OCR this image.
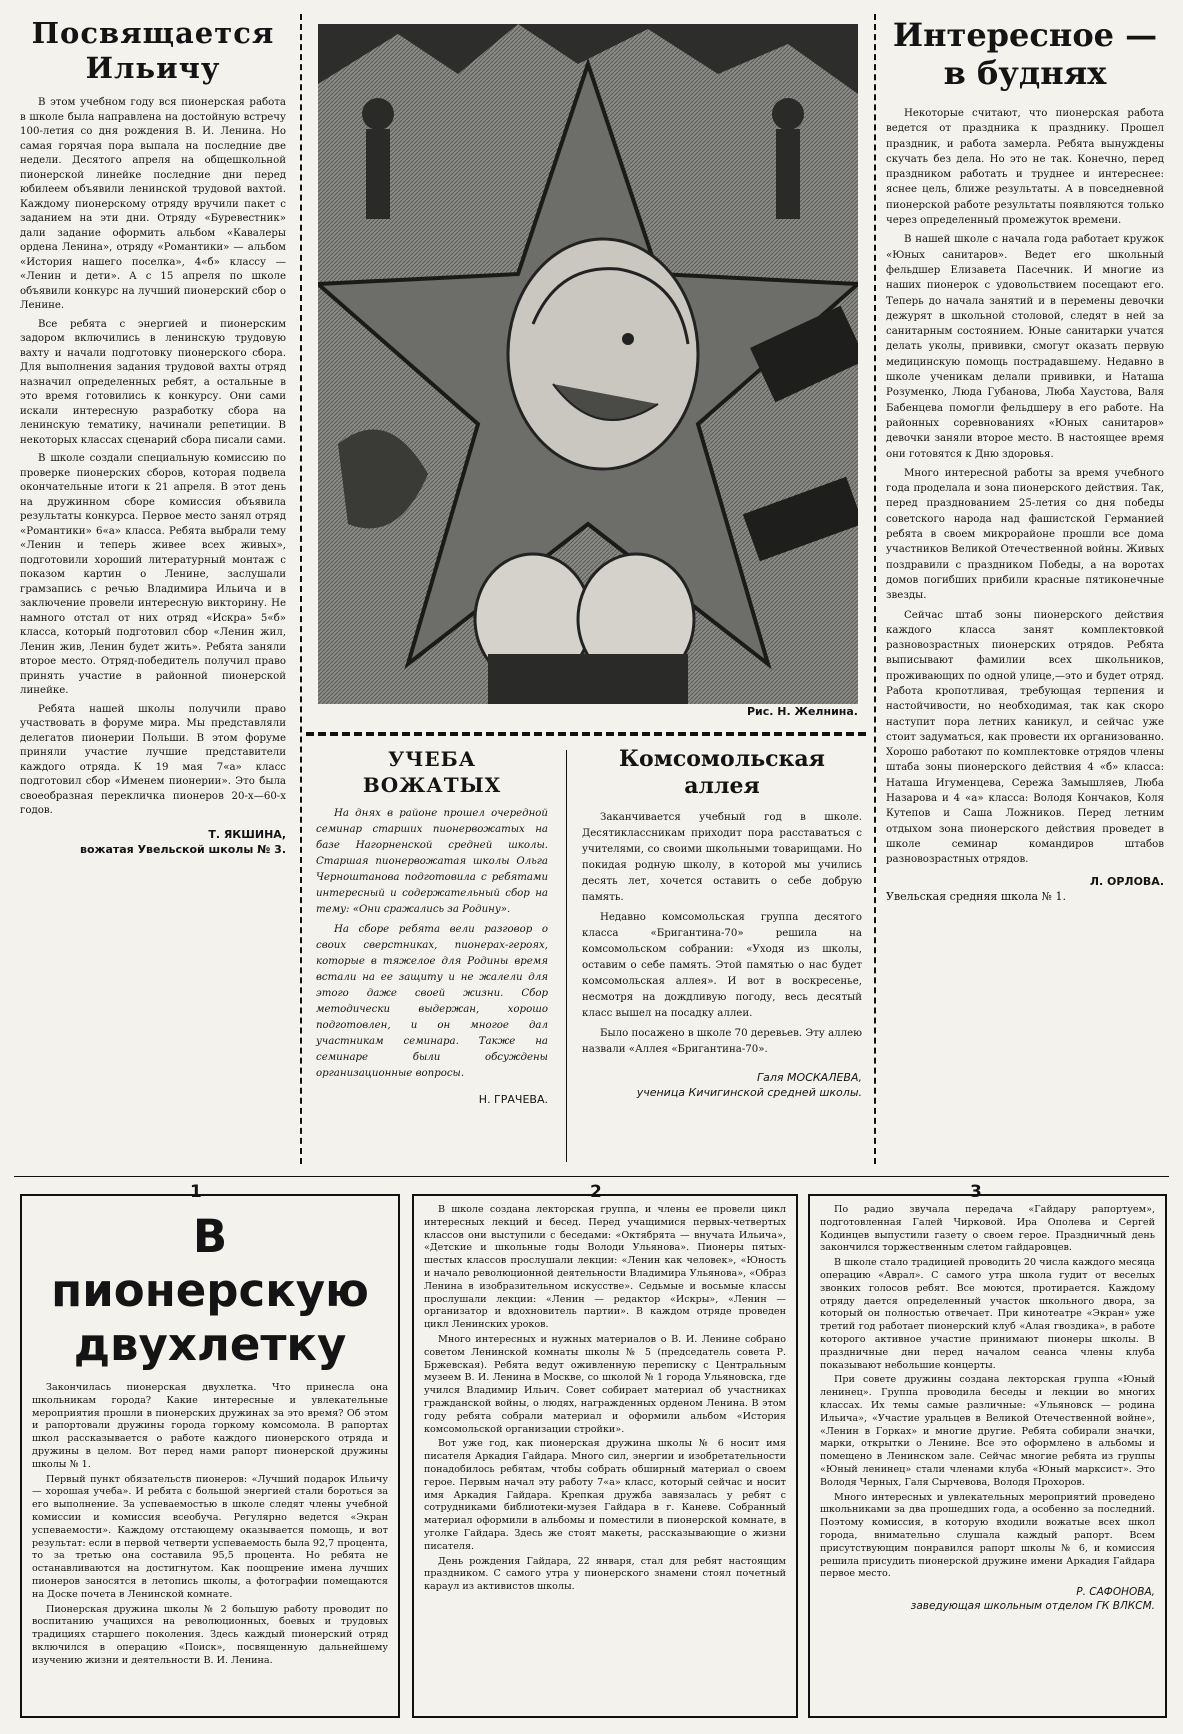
Посвящается Ильичу

В этом учебном году вся пионерская работа в школе была направлена на достойную встречу 100-летия со дня рождения В. И. Ленина. Но самая горячая пора выпала на последние две недели. Десятого апреля на общешкольной пионерской линейке последние дни перед юбилеем объявили ленинской трудовой вахтой. Каждому пионерскому отряду вручили пакет с заданием на эти дни. Отряду «Буревестник» дали задание оформить альбом «Кавалеры ордена Ленина», отряду «Романтики» — альбом «История нашего поселка», 4«б» классу — «Ленин и дети». А с 15 апреля по школе объявили конкурс на лучший пионерский сбор о Ленине.

Все ребята с энергией и пионерским задором включились в ленинскую трудовую вахту и начали подготовку пионерского сбора. Для выполнения задания трудовой вахты отряд назначил определенных ребят, а остальные в это время готовились к конкурсу. Они сами искали интересную разработку сбора на ленинскую тематику, начинали репетиции. В некоторых классах сценарий сбора писали сами.

В школе создали специальную комиссию по проверке пионерских сборов, которая подвела окончательные итоги к 21 апреля. В этот день на дружинном сборе комиссия объявила результаты конкурса. Первое место занял отряд «Романтики» 6«а» класса. Ребята выбрали тему «Ленин и теперь живее всех живых», подготовили хороший литературный монтаж с показом картин о Ленине, заслушали грамзапись с речью Владимира Ильича и в заключение провели интересную викторину. Не намного отстал от них отряд «Искра» 5«б» класса, который подготовил сбор «Ленин жил, Ленин жив, Ленин будет жить». Ребята заняли второе место. Отряд-победитель получил право принять участие в районной пионерской линейке.

Ребята нашей школы получили право участвовать в форуме мира. Мы представляли делегатов пионерии Польши. В этом форуме приняли участие лучшие представители каждого отряда. К 19 мая 7«а» класс подготовил сбор «Именем пионерии». Это была своеобразная перекличка пионеров 20-х—60-х годов.

Т. ЯКШИНА,
вожатая Увельской школы № 3.
Рис. Н. Желнина.
УЧЕБА ВОЖАТЫХ

На днях в районе прошел очередной семинар старших пионервожатых на базе Нагорненской средней школы. Старшая пионервожатая школы Ольга Черноштанова подготовила с ребятами интересный и содержательный сбор на тему: «Они сражались за Родину».

На сборе ребята вели разговор о своих сверстниках, пионерах-героях, которые в тяжелое для Родины время встали на ее защиту и не жалели для этого даже своей жизни. Сбор методически выдержан, хорошо подготовлен, и он многое дал участникам семинара. Также на семинаре были обсуждены организационные вопросы.

Н. ГРАЧЕВА.
Комсомольская аллея

Заканчивается учебный год в школе. Десятиклассникам приходит пора расставаться с учителями, со своими школьными товарищами. Но покидая родную школу, в которой мы учились десять лет, хочется оставить о себе добрую память.

Недавно комсомольская группа десятого класса «Бригантина-70» решила на комсомольском собрании: «Уходя из школы, оставим о себе память. Этой памятью о нас будет комсомольская аллея». И вот в воскресенье, несмотря на дождливую погоду, весь десятый класс вышел на посадку аллеи.

Было посажено в школе 70 деревьев. Эту аллею назвали «Аллея «Бригантина-70».

Галя МОСКАЛЕВА,
ученица Кичигинской средней школы.
Интересное — в буднях

Некоторые считают, что пионерская работа ведется от праздника к празднику. Прошел праздник, и работа замерла. Ребята вынуждены скучать без дела. Но это не так. Конечно, перед праздником работать и труднее и интереснее: яснее цель, ближе результаты. А в повседневной пионерской работе результаты появляются только через определенный промежуток времени.

В нашей школе с начала года работает кружок «Юных санитаров». Ведет его школьный фельдшер Елизавета Пасечник. И многие из наших пионерок с удовольствием посещают его. Теперь до начала занятий и в перемены девочки дежурят в школьной столовой, следят в ней за санитарным состоянием. Юные санитарки учатся делать уколы, прививки, смогут оказать первую медицинскую помощь пострадавшему. Недавно в школе ученикам делали прививки, и Наташа Розуменко, Люда Губанова, Люба Хаустова, Валя Бабенцева помогли фельдшеру в его работе. На районных соревнованиях «Юных санитаров» девочки заняли второе место. В настоящее время они готовятся к Дню здоровья.

Много интересной работы за время учебного года проделала и зона пионерского действия. Так, перед празднованием 25-летия со дня победы советского народа над фашистской Германией ребята в своем микрорайоне прошли все дома участников Великой Отечественной войны. Живых поздравили с праздником Победы, а на воротах домов погибших прибили красные пятиконечные звезды.

Сейчас штаб зоны пионерского действия каждого класса занят комплектовкой разновозрастных пионерских отрядов. Ребята выписывают фамилии всех школьников, проживающих по одной улице,—это и будет отряд. Работа кропотливая, требующая терпения и настойчивости, но необходимая, так как скоро наступит пора летних каникул, и сейчас уже стоит задуматься, как провести их организованно. Хорошо работают по комплектовке отрядов члены штаба зоны пионерского действия 4 «б» класса: Наташа Игуменцева, Сережа Замышляев, Люба Назарова и 4 «а» класса: Володя Кончаков, Коля Кутепов и Саша Ложников. Перед летним отдыхом зона пионерского действия проведет в школе семинар командиров штабов разновозрастных отрядов.

Л. ОРЛОВА.
Увельская средняя школа № 1.
1	2	3
В пионерскую двухлетку

Закончилась пионерская двухлетка. Что принесла она школьникам города? Какие интересные и увлекательные мероприятия прошли в пионерских дружинах за это время? Об этом и рапортовали дружины города горкому комсомола. В рапортах школ рассказывается о работе каждого пионерского отряда и дружины в целом. Вот перед нами рапорт пионерской дружины школы № 1.

Первый пункт обязательств пионеров: «Лучший подарок Ильичу — хорошая учеба». И ребята с большой энергией стали бороться за его выполнение. За успеваемостью в школе следят члены учебной комиссии и комиссия всеобуча. Регулярно ведется «Экран успеваемости». Каждому отстающему оказывается помощь, и вот результат: если в первой четверти успеваемость была 92,7 процента, то за третью она составила 95,5 процента. Но ребята не останавливаются на достигнутом. Как поощрение имена лучших пионеров заносятся в летопись школы, а фотографии помещаются на Доске почета в Ленинской комнате.

Пионерская дружина школы № 2 большую работу проводит по воспитанию учащихся на революционных, боевых и трудовых традициях старшего поколения. Здесь каждый пионерский отряд включился в операцию «Поиск», посвященную дальнейшему изучению жизни и деятельности В. И. Ленина.

В школе создана лекторская группа, и члены ее провели цикл интересных лекций и бесед. Перед учащимися первых-четвертых классов они выступили с беседами: «Октябрята — внучата Ильича», «Детские и школьные годы Володи Ульянова». Пионеры пятых-шестых классов прослушали лекции: «Ленин как человек», «Юность и начало революционной деятельности Владимира Ульянова», «Образ Ленина в изобразительном искусстве». Седьмые и восьмые классы прослушали лекции: «Ленин — редактор «Искры», «Ленин — организатор и вдохновитель партии». В каждом отряде проведен цикл Ленинских уроков.

Много интересных и нужных материалов о В. И. Ленине собрано советом Ленинской комнаты школы № 5 (председатель совета Р. Бржевская). Ребята ведут оживленную переписку с Центральным музеем В. И. Ленина в Москве, со школой № 1 города Ульяновска, где учился Владимир Ильич. Совет собирает материал об участниках гражданской войны, о людях, награжденных орденом Ленина. В этом году ребята собрали материал и оформили альбом «История комсомольской организации стройки».

Вот уже год, как пионерская дружина школы № 6 носит имя писателя Аркадия Гайдара. Много сил, энергии и изобретательности понадобилось ребятам, чтобы собрать обширный материал о своем герое. Первым начал эту работу 7«а» класс, который сейчас и носит имя Аркадия Гайдара. Крепкая дружба завязалась у ребят с сотрудниками библиотеки-музея Гайдара в г. Каневе. Собранный материал оформили в альбомы и поместили в пионерской комнате, в уголке Гайдара. Здесь же стоят макеты, рассказывающие о жизни писателя.

День рождения Гайдара, 22 января, стал для ребят настоящим праздником. С самого утра у пионерского знамени стоял почетный караул из активистов школы.

По радио звучала передача «Гайдару рапортуем», подготовленная Галей Чирковой. Ира Ополева и Сергей Кодинцев выпустили газету о своем герое. Праздничный день закончился торжественным слетом гайдаровцев.

В школе стало традицией проводить 20 числа каждого месяца операцию «Аврал». С самого утра школа гудит от веселых звонких голосов ребят. Все моются, протирается. Каждому отряду дается определенный участок школьного двора, за который он полностью отвечает. При кинотеатре «Экран» уже третий год работает пионерский клуб «Алая гвоздика», в работе которого активное участие принимают пионеры школы. В праздничные дни перед началом сеанса члены клуба показывают небольшие концерты.

При совете дружины создана лекторская группа «Юный ленинец». Группа проводила беседы и лекции во многих классах. Их темы самые различные: «Ульяновск — родина Ильича», «Участие уральцев в Великой Отечественной войне», «Ленин в Горках» и многие другие. Ребята собирали значки, марки, открытки о Ленине. Все это оформлено в альбомы и помещено в Ленинском зале. Сейчас многие ребята из группы «Юный ленинец» стали членами клуба «Юный марксист». Это Володя Черных, Галя Сырчевова, Володя Прохоров.

Много интересных и увлекательных мероприятий проведено школьниками за два прошедших года, а особенно за последний. Поэтому комиссия, в которую входили вожатые всех школ города, внимательно слушала каждый рапорт. Всем присутствующим понравился рапорт школы № 6, и комиссия решила присудить пионерской дружине имени Аркадия Гайдара первое место.

Р. САФОНОВА,
заведующая школьным отделом ГК ВЛКСМ.
